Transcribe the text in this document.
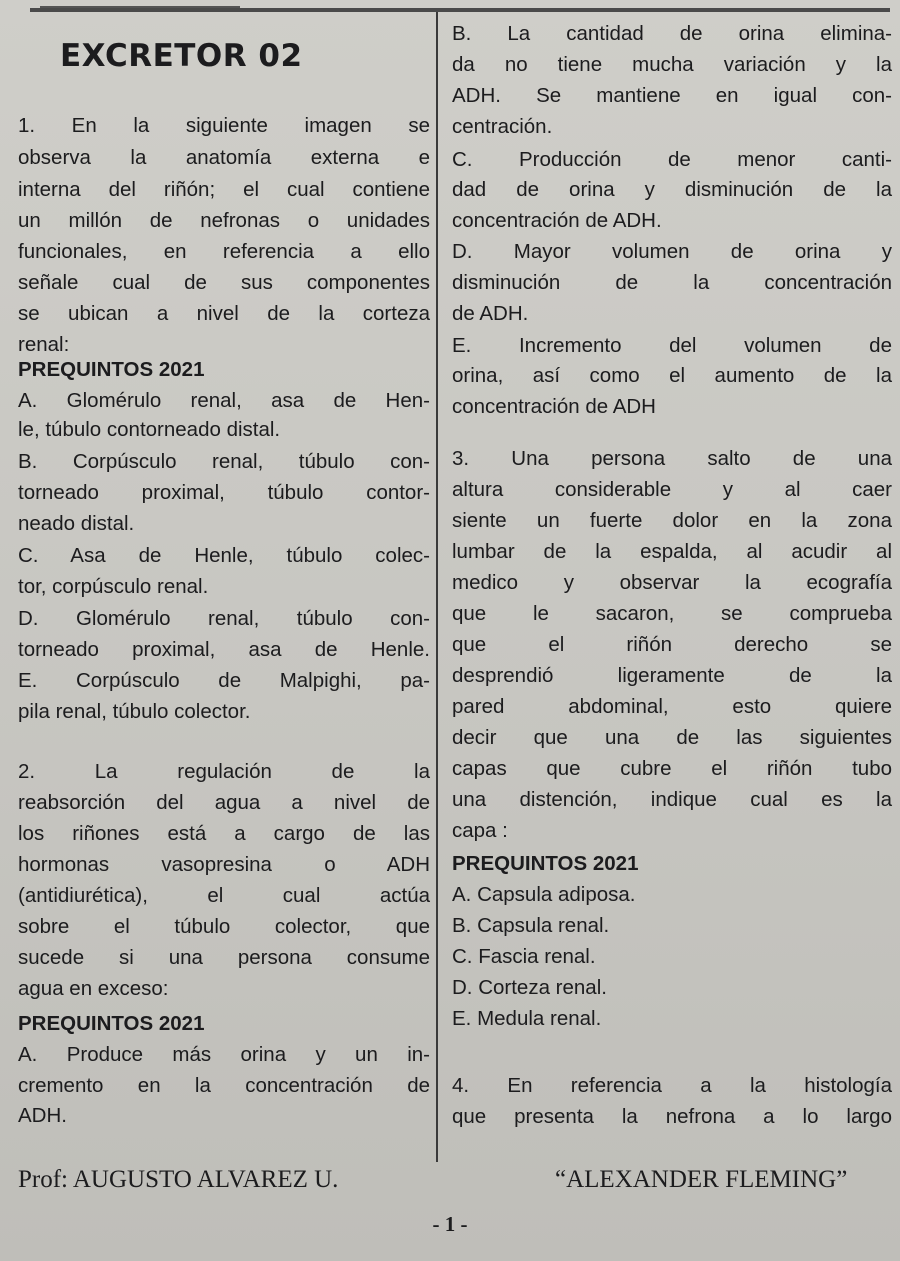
EXCRETOR 02
1. En la siguiente imagen se
observa la anatomía externa e
interna del riñón; el cual contiene
un millón de nefronas o unidades
funcionales, en referencia a ello
señale cual de sus componentes
se ubican a nivel de la corteza
renal:
PREQUINTOS 2021
A. Glomérulo renal, asa de Hen-
le, túbulo contorneado distal.
B. Corpúsculo renal, túbulo con-
torneado proximal, túbulo contor-
neado distal.
C. Asa de Henle, túbulo colec-
tor, corpúsculo renal.
D. Glomérulo renal, túbulo con-
torneado proximal, asa de Henle.
E. Corpúsculo de Malpighi, pa-
pila renal, túbulo colector.
2. La regulación de la
reabsorción del agua a nivel de
los riñones está a cargo de las
hormonas vasopresina o ADH
(antidiurética), el cual actúa
sobre el túbulo colector, que
sucede si una persona consume
agua en exceso:
PREQUINTOS 2021
A. Produce más orina y un in-
cremento en la concentración de
ADH.
B. La cantidad de orina elimina-
da no tiene mucha variación y la
ADH. Se mantiene en igual con-
centración.
C. Producción de menor canti-
dad de orina y disminución de la
concentración de ADH.
D. Mayor volumen de orina y
disminución de la concentración
de ADH.
E. Incremento del volumen de
orina, así como el aumento de la
concentración de ADH
3. Una persona salto de una
altura considerable y al caer
siente un fuerte dolor en la zona
lumbar de la espalda, al acudir al
medico y observar la ecografía
que le sacaron, se comprueba
que el riñón derecho se
desprendió ligeramente de la
pared abdominal, esto quiere
decir que una de las siguientes
capas que cubre el riñón tubo
una distención, indique cual es la
capa :
PREQUINTOS 2021
A. Capsula adiposa.
B. Capsula renal.
C. Fascia renal.
D. Corteza renal.
E. Medula renal.
4. En referencia a la histología
que presenta la nefrona a lo largo
Prof: AUGUSTO ALVAREZ U.	“ALEXANDER FLEMING”
- 1 -
